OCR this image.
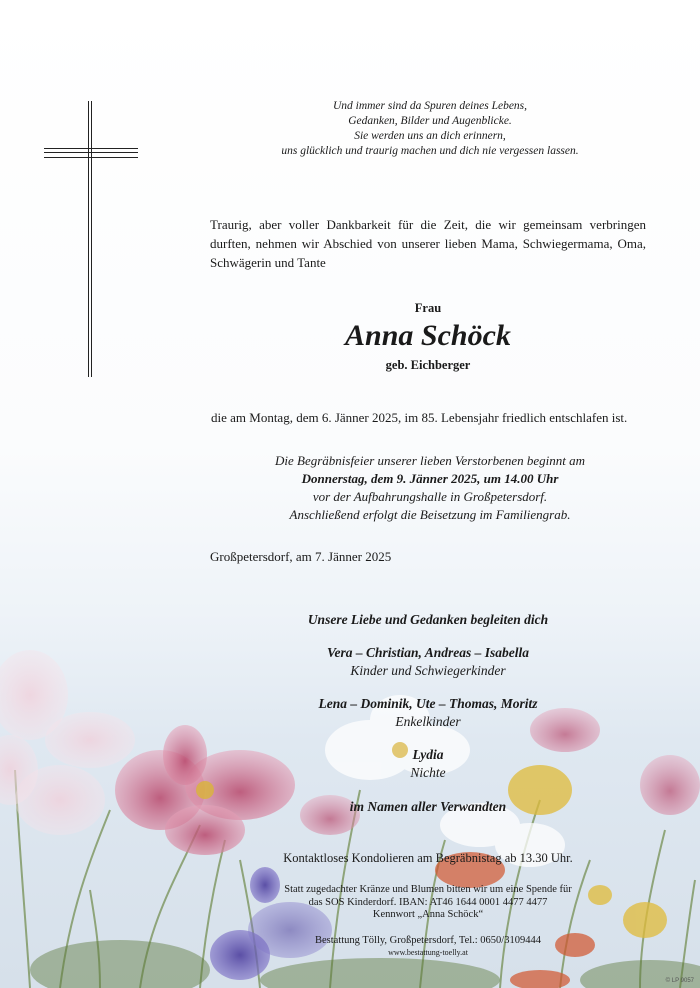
Und immer sind da Spuren deines Lebens,
Gedanken, Bilder und Augenblicke.
Sie werden uns an dich erinnern,
uns glücklich und traurig machen und dich nie vergessen lassen.
Traurig, aber voller Dankbarkeit für die Zeit, die wir gemeinsam verbringen durften, nehmen wir Abschied von unserer lieben Mama, Schwiegermama, Oma, Schwägerin und Tante
Frau
Anna Schöck
geb. Eichberger
die am Montag, dem 6. Jänner 2025, im 85. Lebensjahr friedlich entschlafen ist.
Die Begräbnisfeier unserer lieben Verstorbenen beginnt am
Donnerstag, dem 9. Jänner 2025, um 14.00 Uhr
vor der Aufbahrungshalle in Großpetersdorf.
Anschließend erfolgt die Beisetzung im Familiengrab.
Großpetersdorf, am 7. Jänner 2025
Unsere Liebe und Gedanken begleiten dich
Vera – Christian, Andreas – Isabella
Kinder und Schwiegerkinder
Lena – Dominik, Ute – Thomas, Moritz
Enkelkinder
Lydia
Nichte
im Namen aller Verwandten
Kontaktloses Kondolieren am Begräbnistag ab 13.30 Uhr.
Statt zugedachter Kränze und Blumen bitten wir um eine Spende für
das SOS Kinderdorf. IBAN: AT46 1644 0001 4477 4477
Kennwort „Anna Schöck“
Bestattung Tölly, Großpetersdorf, Tel.: 0650/3109444
www.bestattung-toelly.at
© LP 9057
